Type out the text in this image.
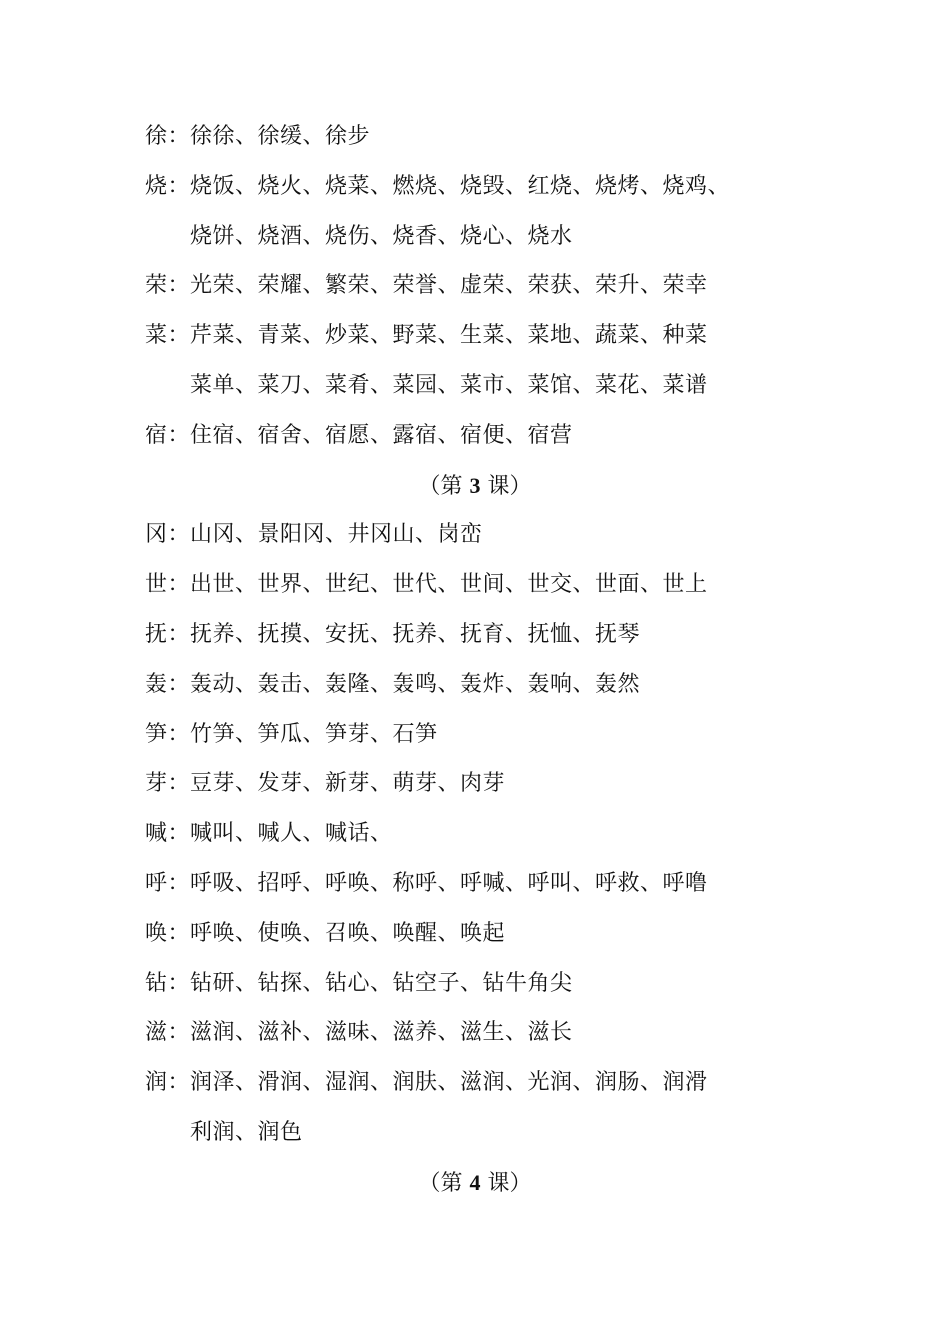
徐：徐徐、徐缓、徐步
烧：烧饭、烧火、烧菜、燃烧、烧毁、红烧、烧烤、烧鸡、
烧饼、烧酒、烧伤、烧香、烧心、烧水
荣：光荣、荣耀、繁荣、荣誉、虚荣、荣获、荣升、荣幸
菜：芹菜、青菜、炒菜、野菜、生菜、菜地、蔬菜、种菜
菜单、菜刀、菜肴、菜园、菜市、菜馆、菜花、菜谱
宿：住宿、宿舍、宿愿、露宿、宿便、宿营
（第 3 课）
冈：山冈、景阳冈、井冈山、岗峦
世：出世、世界、世纪、世代、世间、世交、世面、世上
抚：抚养、抚摸、安抚、抚养、抚育、抚恤、抚琴
轰：轰动、轰击、轰隆、轰鸣、轰炸、轰响、轰然
笋：竹笋、笋瓜、笋芽、石笋
芽：豆芽、发芽、新芽、萌芽、肉芽
喊：喊叫、喊人、喊话、
呼：呼吸、招呼、呼唤、称呼、呼喊、呼叫、呼救、呼噜
唤：呼唤、使唤、召唤、唤醒、唤起
钻：钻研、钻探、钻心、钻空子、钻牛角尖
滋：滋润、滋补、滋味、滋养、滋生、滋长
润：润泽、滑润、湿润、润肤、滋润、光润、润肠、润滑
利润、润色
（第 4 课）
